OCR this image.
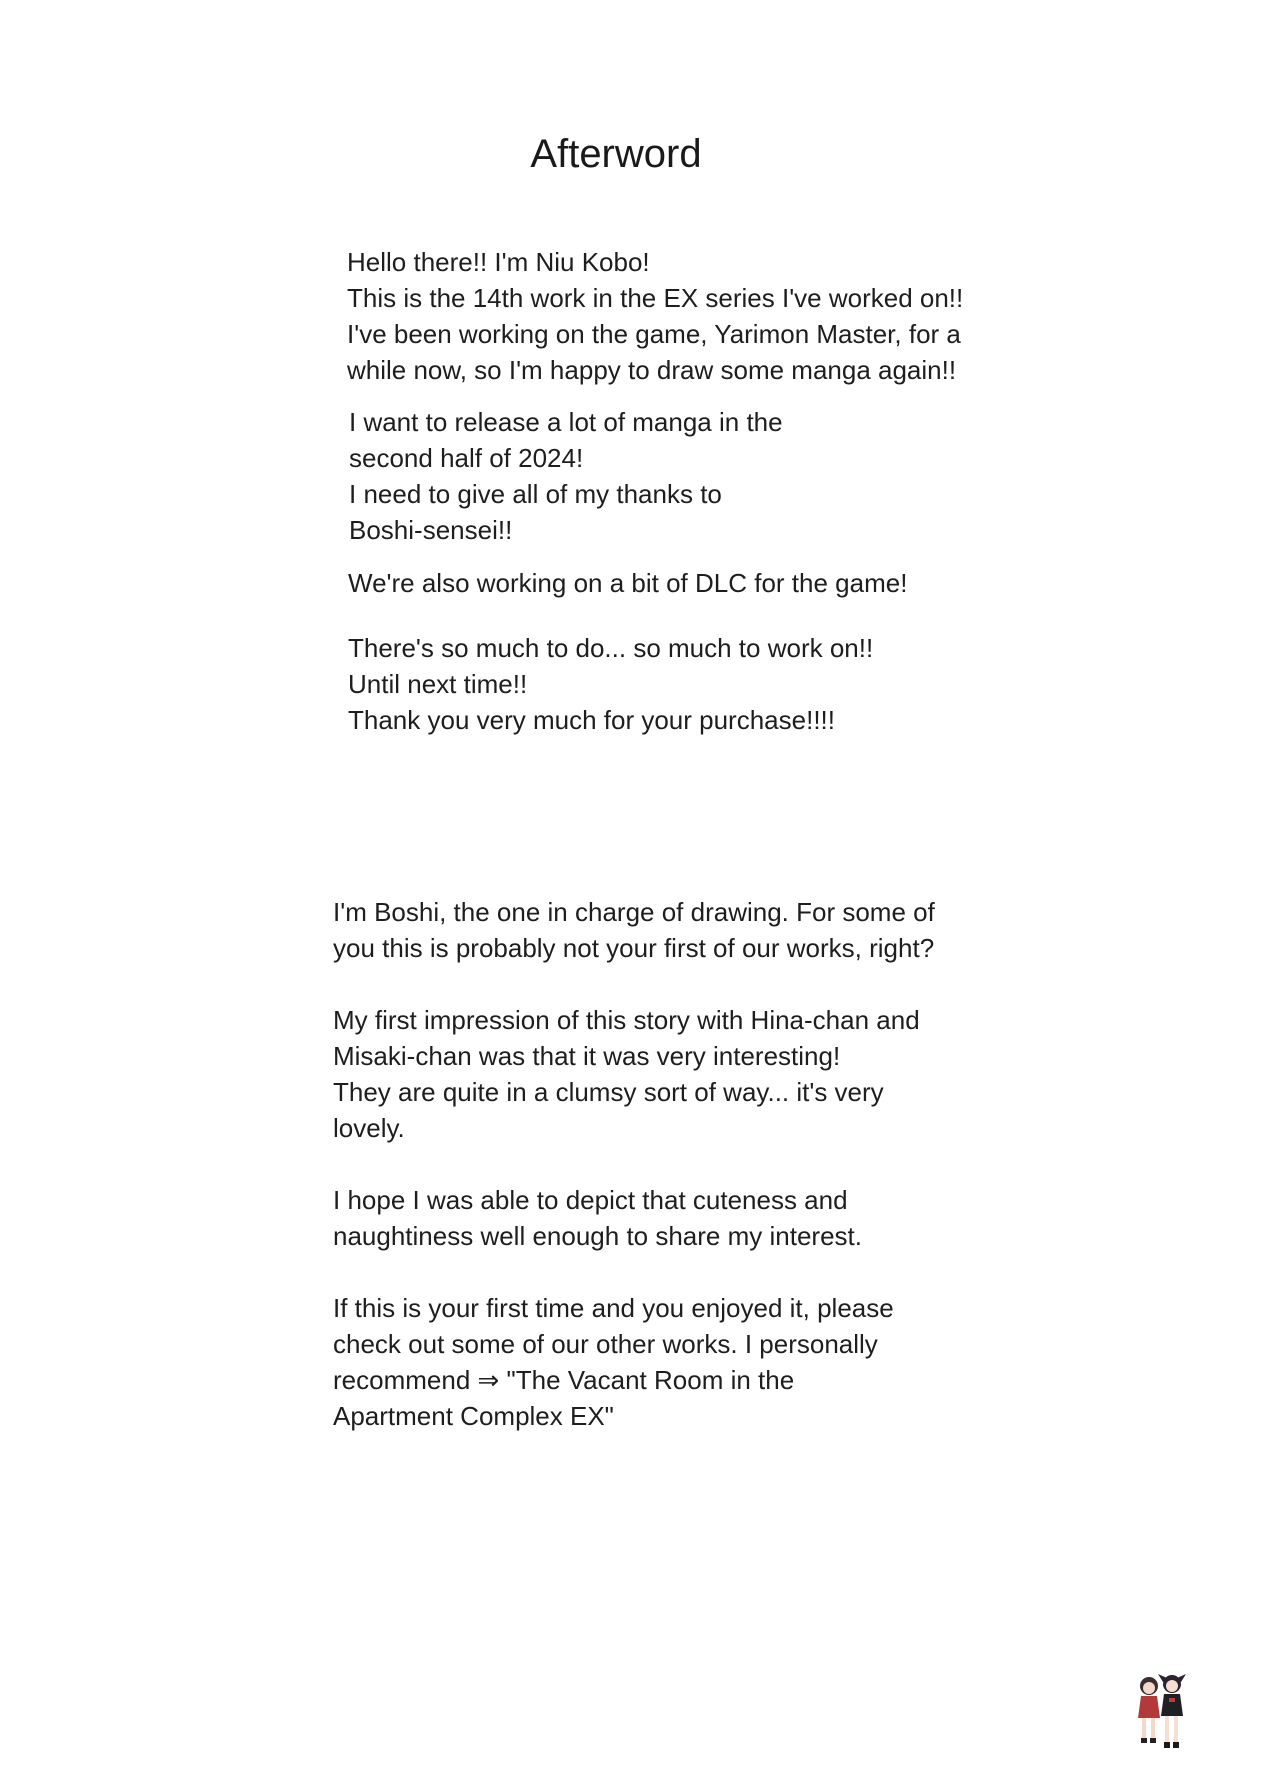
Afterword
Hello there!! I'm Niu Kobo!
This is the 14th work in the EX series I've worked on!!
I've been working on the game, Yarimon Master, for a
while now, so I'm happy to draw some manga again!!
I want to release a lot of manga in the
second half of 2024!
I need to give all of my thanks to
Boshi-sensei!!
We're also working on a bit of DLC for the game!
There's so much to do... so much to work on!!
Until next time!!
Thank you very much for your purchase!!!!
I'm Boshi, the one in charge of drawing. For some of
you this is probably not your first of our works, right?
My first impression of this story with Hina-chan and
Misaki-chan was that it was very interesting!
They are quite in a clumsy sort of way... it's very
lovely.
I hope I was able to depict that cuteness and
naughtiness well enough to share my interest.
If this is your first time and you enjoyed it, please
check out some of our other works. I personally
recommend ⇒ "The Vacant Room in the
Apartment Complex EX"
